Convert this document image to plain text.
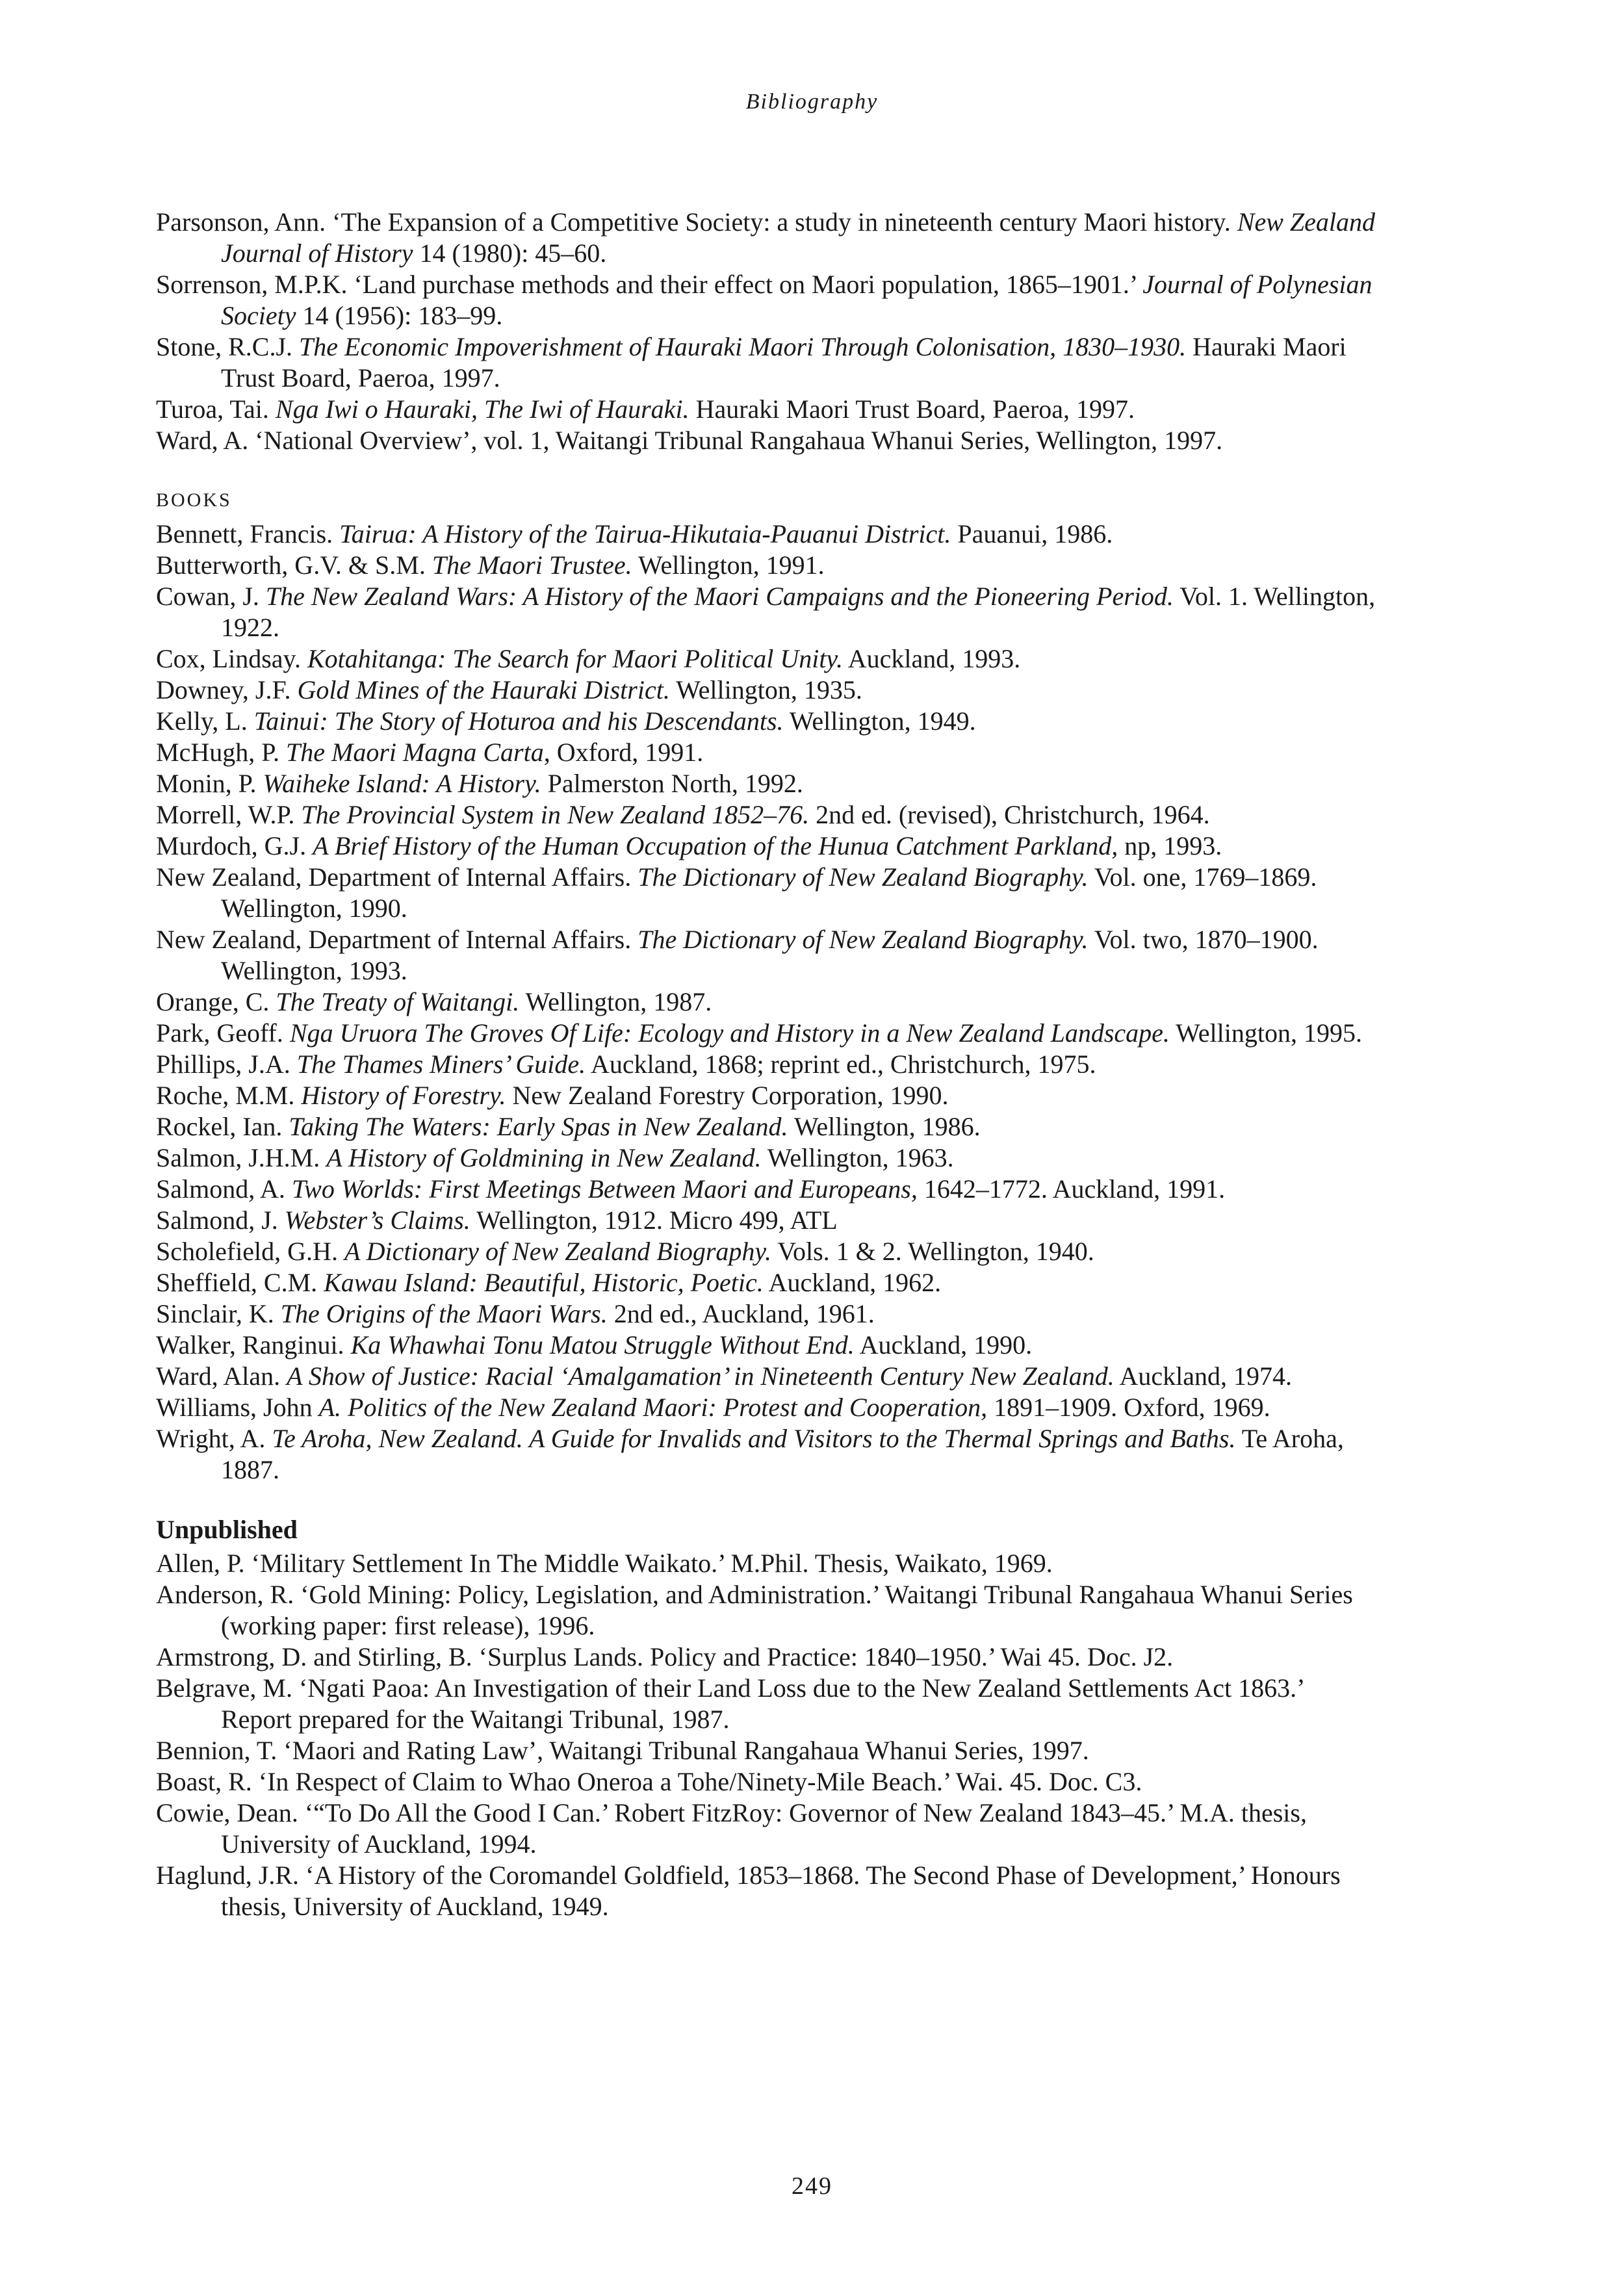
Bibliography
Parsonson, Ann. ‘The Expansion of a Competitive Society: a study in nineteenth century Maori history. New Zealand Journal of History 14 (1980): 45–60.
Sorrenson, M.P.K. ‘Land purchase methods and their effect on Maori population, 1865–1901.’ Journal of Polynesian Society 14 (1956): 183–99.
Stone, R.C.J. The Economic Impoverishment of Hauraki Maori Through Colonisation, 1830–1930. Hauraki Maori Trust Board, Paeroa, 1997.
Turoa, Tai. Nga Iwi o Hauraki, The Iwi of Hauraki. Hauraki Maori Trust Board, Paeroa, 1997.
Ward, A. ‘National Overview’, vol. 1, Waitangi Tribunal Rangahaua Whanui Series, Wellington, 1997.
BOOKS
Bennett, Francis. Tairua: A History of the Tairua-Hikutaia-Pauanui District. Pauanui, 1986.
Butterworth, G.V. & S.M. The Maori Trustee. Wellington, 1991.
Cowan, J. The New Zealand Wars: A History of the Maori Campaigns and the Pioneering Period. Vol. 1. Wellington, 1922.
Cox, Lindsay. Kotahitanga: The Search for Maori Political Unity. Auckland, 1993.
Downey, J.F. Gold Mines of the Hauraki District. Wellington, 1935.
Kelly, L. Tainui: The Story of Hoturoa and his Descendants. Wellington, 1949.
McHugh, P. The Maori Magna Carta, Oxford, 1991.
Monin, P. Waiheke Island: A History. Palmerston North, 1992.
Morrell, W.P. The Provincial System in New Zealand 1852–76. 2nd ed. (revised), Christchurch, 1964.
Murdoch, G.J. A Brief History of the Human Occupation of the Hunua Catchment Parkland, np, 1993.
New Zealand, Department of Internal Affairs. The Dictionary of New Zealand Biography. Vol. one, 1769–1869. Wellington, 1990.
New Zealand, Department of Internal Affairs. The Dictionary of New Zealand Biography. Vol. two, 1870–1900. Wellington, 1993.
Orange, C. The Treaty of Waitangi. Wellington, 1987.
Park, Geoff. Nga Uruora The Groves Of Life: Ecology and History in a New Zealand Landscape. Wellington, 1995.
Phillips, J.A. The Thames Miners’ Guide. Auckland, 1868; reprint ed., Christchurch, 1975.
Roche, M.M. History of Forestry. New Zealand Forestry Corporation, 1990.
Rockel, Ian. Taking The Waters: Early Spas in New Zealand. Wellington, 1986.
Salmon, J.H.M. A History of Goldmining in New Zealand. Wellington, 1963.
Salmond, A. Two Worlds: First Meetings Between Maori and Europeans, 1642–1772. Auckland, 1991.
Salmond, J. Webster’s Claims. Wellington, 1912. Micro 499, ATL
Scholefield, G.H. A Dictionary of New Zealand Biography. Vols. 1 & 2. Wellington, 1940.
Sheffield, C.M. Kawau Island: Beautiful, Historic, Poetic. Auckland, 1962.
Sinclair, K. The Origins of the Maori Wars. 2nd ed., Auckland, 1961.
Walker, Ranginui. Ka Whawhai Tonu Matou Struggle Without End. Auckland, 1990.
Ward, Alan. A Show of Justice: Racial ‘Amalgamation’ in Nineteenth Century New Zealand. Auckland, 1974.
Williams, John A. Politics of the New Zealand Maori: Protest and Cooperation, 1891–1909. Oxford, 1969.
Wright, A. Te Aroha, New Zealand. A Guide for Invalids and Visitors to the Thermal Springs and Baths. Te Aroha, 1887.
Unpublished
Allen, P. ‘Military Settlement In The Middle Waikato.’ M.Phil. Thesis, Waikato, 1969.
Anderson, R. ‘Gold Mining: Policy, Legislation, and Administration.’ Waitangi Tribunal Rangahaua Whanui Series (working paper: first release), 1996.
Armstrong, D. and Stirling, B. ‘Surplus Lands. Policy and Practice: 1840–1950.’ Wai 45. Doc. J2.
Belgrave, M. ‘Ngati Paoa: An Investigation of their Land Loss due to the New Zealand Settlements Act 1863.’ Report prepared for the Waitangi Tribunal, 1987.
Bennion, T. ‘Maori and Rating Law’, Waitangi Tribunal Rangahaua Whanui Series, 1997.
Boast, R. ‘In Respect of Claim to Whao Oneroa a Tohe/Ninety-Mile Beach.’ Wai. 45. Doc. C3.
Cowie, Dean. ‘“To Do All the Good I Can.’ Robert FitzRoy: Governor of New Zealand 1843–45.’ M.A. thesis, University of Auckland, 1994.
Haglund, J.R. ‘A History of the Coromandel Goldfield, 1853–1868. The Second Phase of Development,’ Honours thesis, University of Auckland, 1949.
249
